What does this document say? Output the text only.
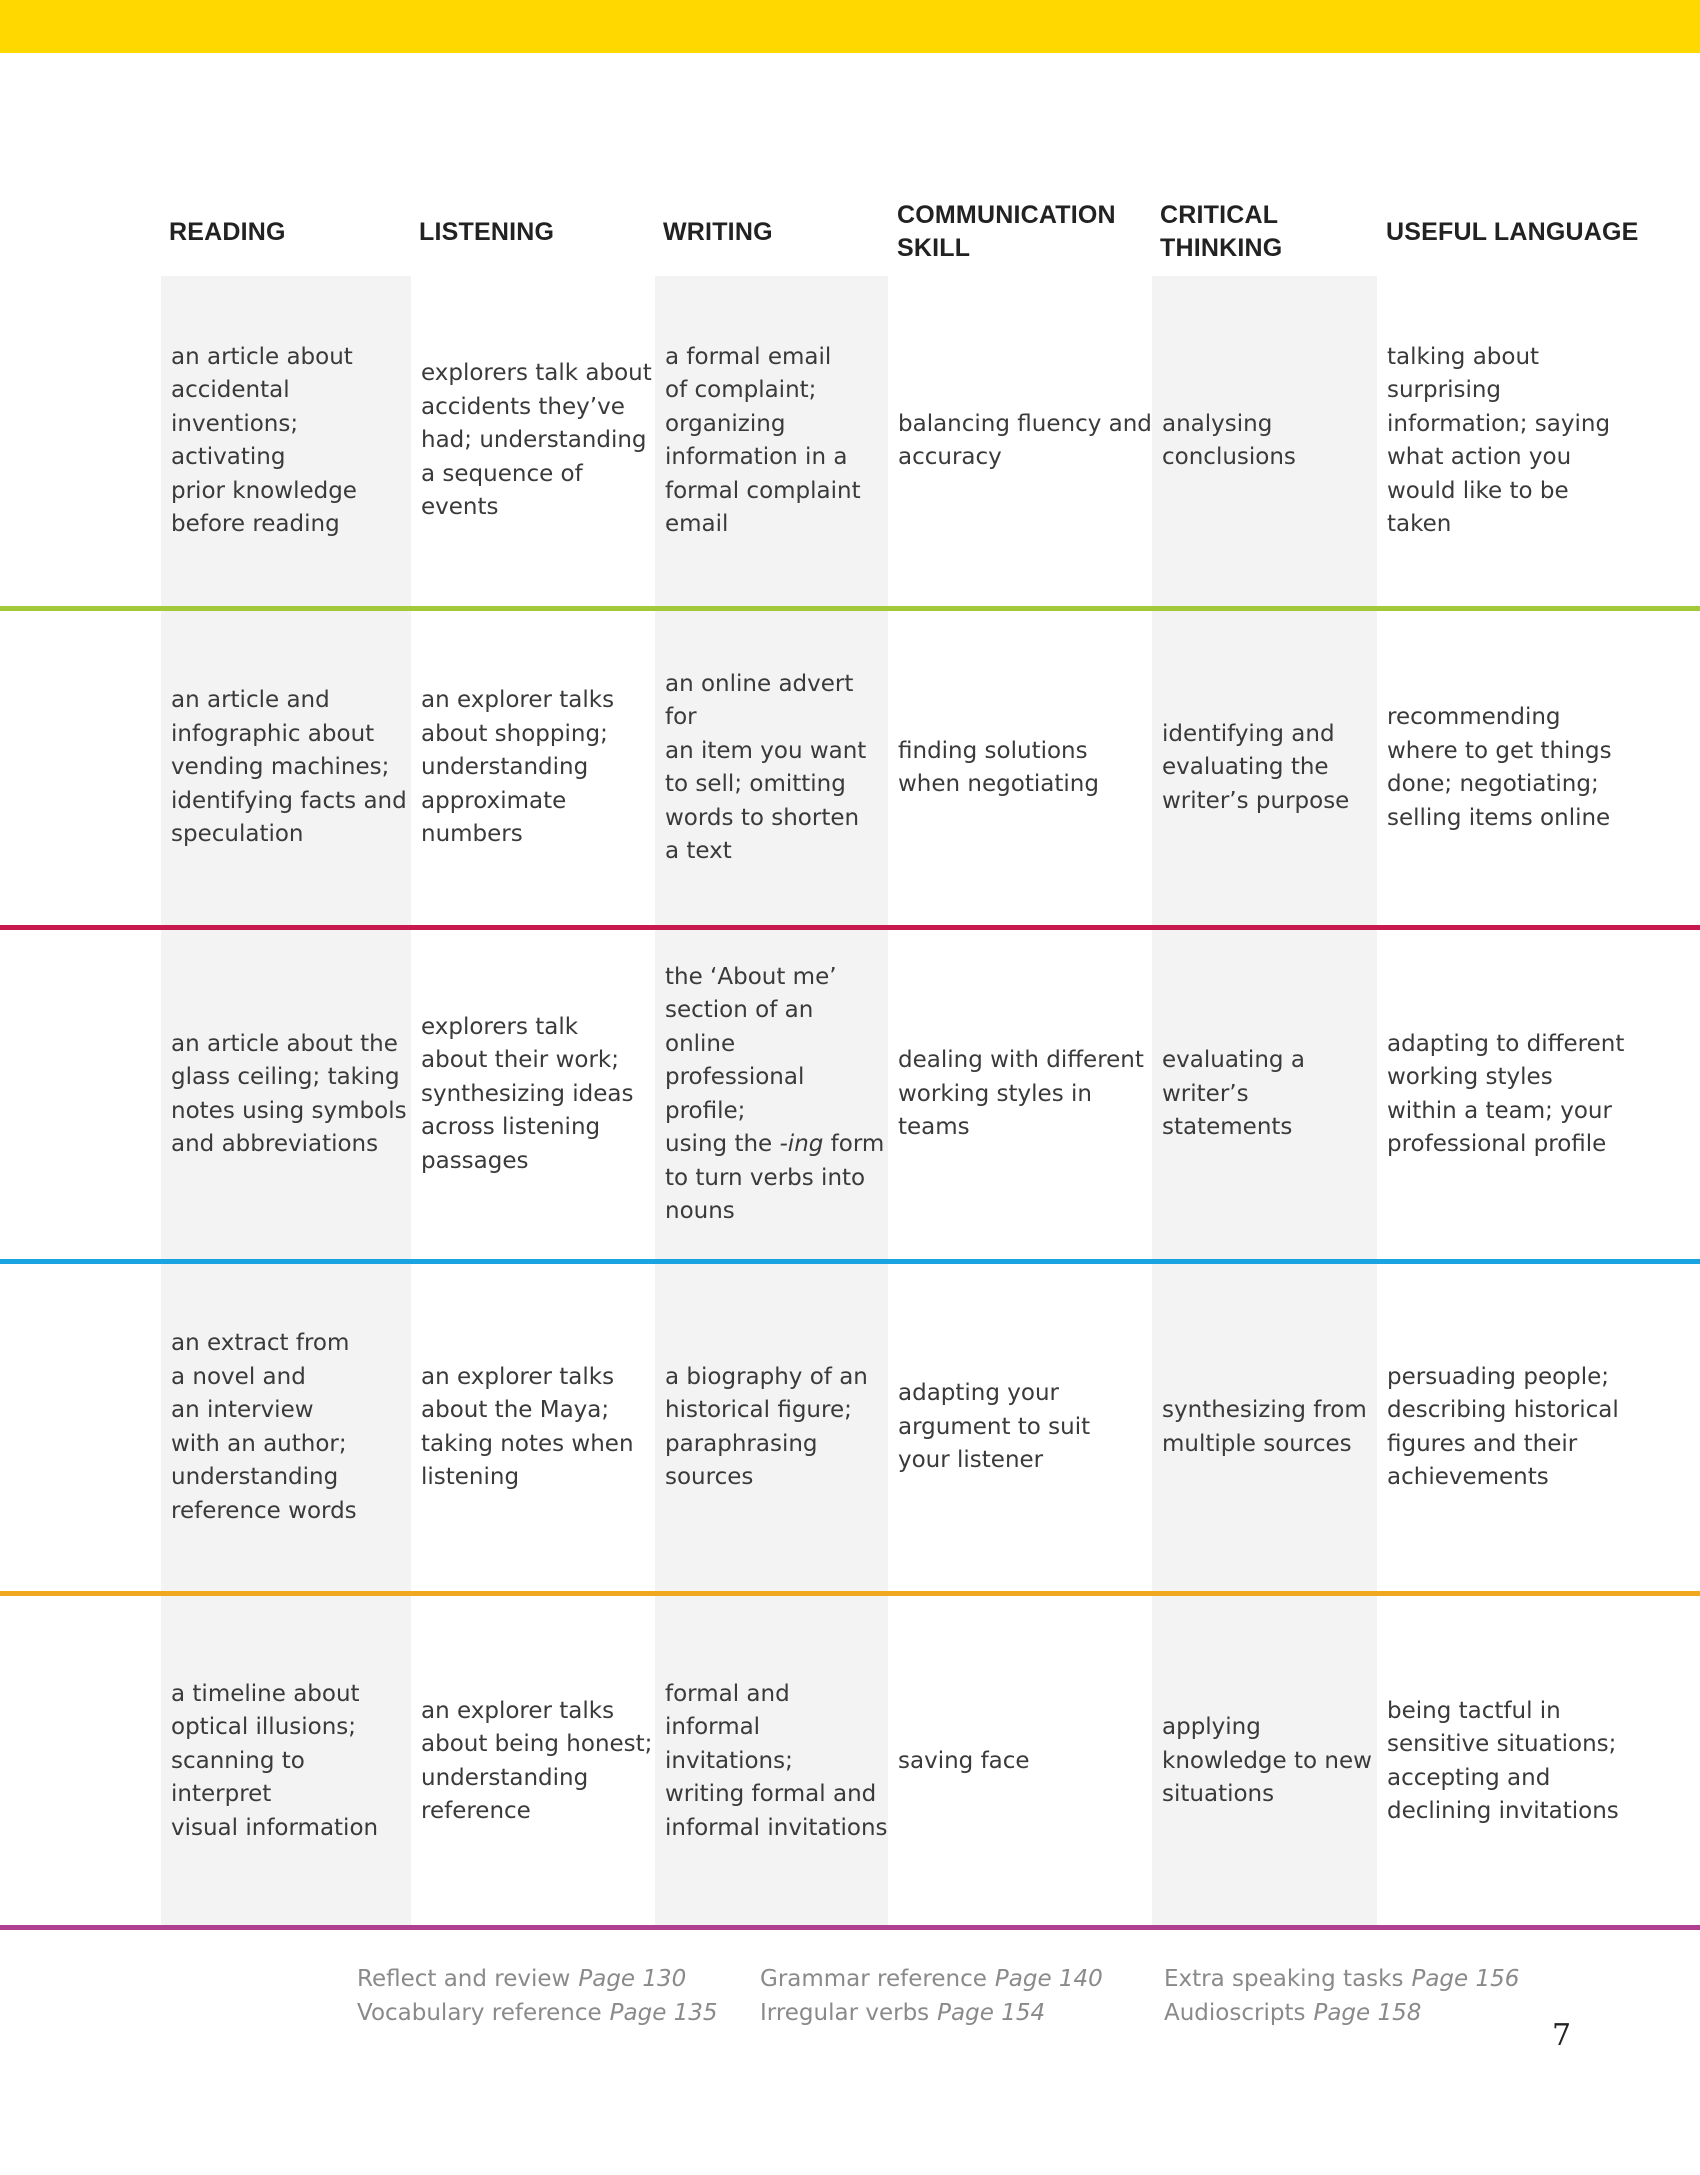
READING	LISTENING	WRITING
COMMUNICATION
SKILL
CRITICAL
THINKING
USEFUL LANGUAGE
an article about
accidental
inventions; activating
prior knowledge
before reading
explorers talk about
accidents they’ve
had; understanding
a sequence of
events
a formal email
of complaint;
organizing
information in a
formal complaint
email
balancing fluency and
accuracy
analysing
conclusions
talking about
surprising
information; saying
what action you
would like to be
taken
an article and
infographic about
vending machines;
identifying facts and
speculation
an explorer talks
about shopping;
understanding
approximate
numbers
an online advert for
an item you want
to sell; omitting
words to shorten
a text
finding solutions
when negotiating
identifying and
evaluating the
writer’s purpose
recommending
where to get things
done; negotiating;
selling items online
an article about the
glass ceiling; taking
notes using symbols
and abbreviations
explorers talk
about their work;
synthesizing ideas
across listening
passages
the ‘About me’
section of an online
professional profile;
using the -ing form
to turn verbs into
nouns
dealing with different
working styles in
teams
evaluating a
writer’s statements
adapting to different
working styles
within a team; your
professional profile
an extract from
a novel and
an interview
with an author;
understanding
reference words
an explorer talks
about the Maya;
taking notes when
listening
a biography of an
historical figure;
paraphrasing
sources
adapting your
argument to suit
your listener
synthesizing from
multiple sources
persuading people;
describing historical
figures and their
achievements
a timeline about
optical illusions;
scanning to interpret
visual information
an explorer talks
about being honest;
understanding
reference
formal and
informal invitations;
writing formal and
informal invitations
saving face
applying
knowledge to new
situations
being tactful in
sensitive situations;
accepting and
declining invitations
Reflect and review Page 130
Vocabulary reference Page 135
Grammar reference Page 140
Irregular verbs Page 154
Extra speaking tasks Page 156
Audioscripts Page 158
7
